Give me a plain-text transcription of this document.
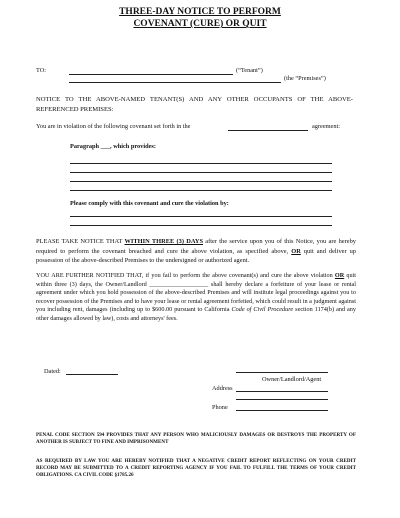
THREE-DAY NOTICE TO PERFORM
COVENANT (CURE) OR QUIT
TO:	(“Tenant”)
(the “Premises”)
NOTICE TO THE ABOVE-NAMED TENANT(S) AND ANY OTHER OCCUPANTS OF THE ABOVE-REFERENCED PREMISES:
You are in violation of the following covenant set forth in the	agreement:
Paragraph ___, which provides:
Please comply with this covenant and cure the violation by:
PLEASE TAKE NOTICE THAT WITHIN THREE (3) DAYS after the service upon you of this Notice, you are hereby required to perform the covenant breached and cure the above violation, as specified above, OR quit and deliver up possession of the above-described Premises to the undersigned or authorized agent.
YOU ARE FURTHER NOTIFIED THAT, if you fail to perform the above covenant(s) and cure the above violation OR quit within three (3) days, the Owner/Landlord ___________________ shall hereby declare a forfeiture of your lease or rental agreement under which you hold possession of the above-described Premises and will institute legal proceedings against you to recover possession of the Premises and to have your lease or rental agreement forfeited, which could result in a judgment against you including rent, damages (including up to $600.00 pursuant to California Code of Civil Procedure section 1174(b) and any other damages allowed by law), costs and attorneys' fees.
Dated:
Owner/Landlord/Agent
Address
Phone
PENAL CODE SECTION 594 PROVIDES THAT ANY PERSON WHO MALICIOUSLY DAMAGES OR DESTROYS THE PROPERTY OF ANOTHER IS SUBJECT TO FINE AND IMPRISONMENT
AS REQUIRED BY LAW YOU ARE HEREBY NOTIFIED THAT A NEGATIVE CREDIT REPORT REFLECTING ON YOUR CREDIT RECORD MAY BE SUBMITTED TO A CREDIT REPORTING AGENCY IF YOU FAIL TO FULFILL THE TERMS OF YOUR CREDIT OBLIGATIONS. CA CIVIL CODE §1785.26
